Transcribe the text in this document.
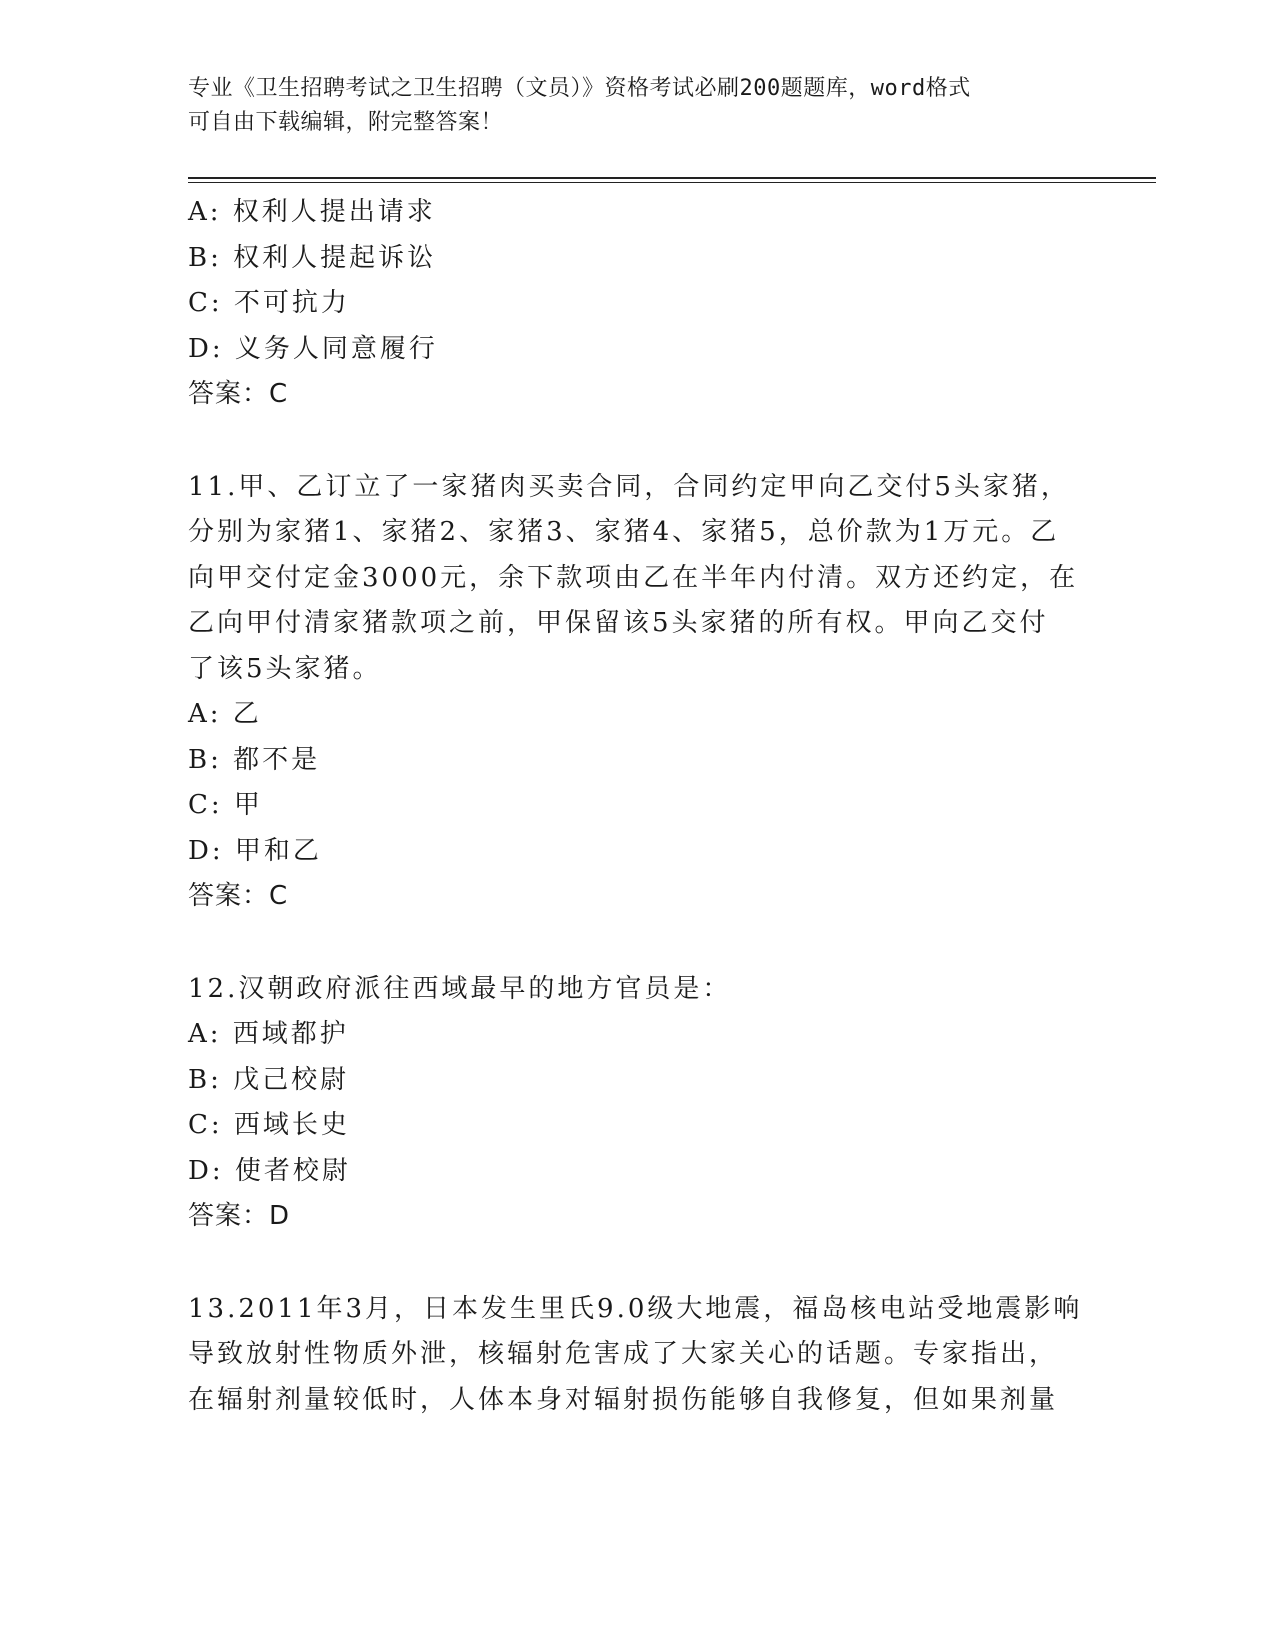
专业《卫生招聘考试之卫生招聘（文员）》资格考试必刷200题题库，word格式
可自由下载编辑，附完整答案！
A: 权利人提出请求
B: 权利人提起诉讼
C: 不可抗力
D: 义务人同意履行
答案：C
11.甲、乙订立了一家猪肉买卖合同，合同约定甲向乙交付5头家猪，
分别为家猪1、家猪2、家猪3、家猪4、家猪5，总价款为1万元。乙
向甲交付定金3000元，余下款项由乙在半年内付清。双方还约定，在
乙向甲付清家猪款项之前，甲保留该5头家猪的所有权。甲向乙交付
了该5头家猪。
A: 乙
B: 都不是
C: 甲
D: 甲和乙
答案：C
12.汉朝政府派往西域最早的地方官员是：
A: 西域都护
B: 戊己校尉
C: 西域长史
D: 使者校尉
答案：D
13.2011年3月，日本发生里氏9.0级大地震，福岛核电站受地震影响
导致放射性物质外泄，核辐射危害成了大家关心的话题。专家指出，
在辐射剂量较低时，人体本身对辐射损伤能够自我修复，但如果剂量
